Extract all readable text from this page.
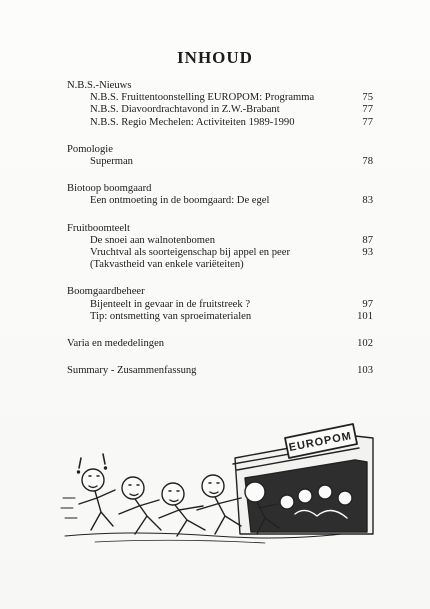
INHOUD
N.B.S.-Nieuws
N.B.S. Fruittentoonstelling EUROPOM: Programma	75
N.B.S. Diavoordrachtavond in Z.W.-Brabant	77
N.B.S. Regio Mechelen: Activiteiten 1989-1990	77
Pomologie
Superman	78
Biotoop boomgaard
Een ontmoeting in de boomgaard: De egel	83
Fruitboomteelt
De snoei aan walnotenbomen	87
Vruchtval als soorteigenschap bij appel en peer	93
(Takvastheid van enkele variëteiten)
Boomgaardbeheer
Bijenteelt in gevaar in de fruitstreek ?	97
Tip: ontsmetting van sproeimaterialen	101
Varia en mededelingen	102
Summary - Zusammenfassung	103
EUROPOM
